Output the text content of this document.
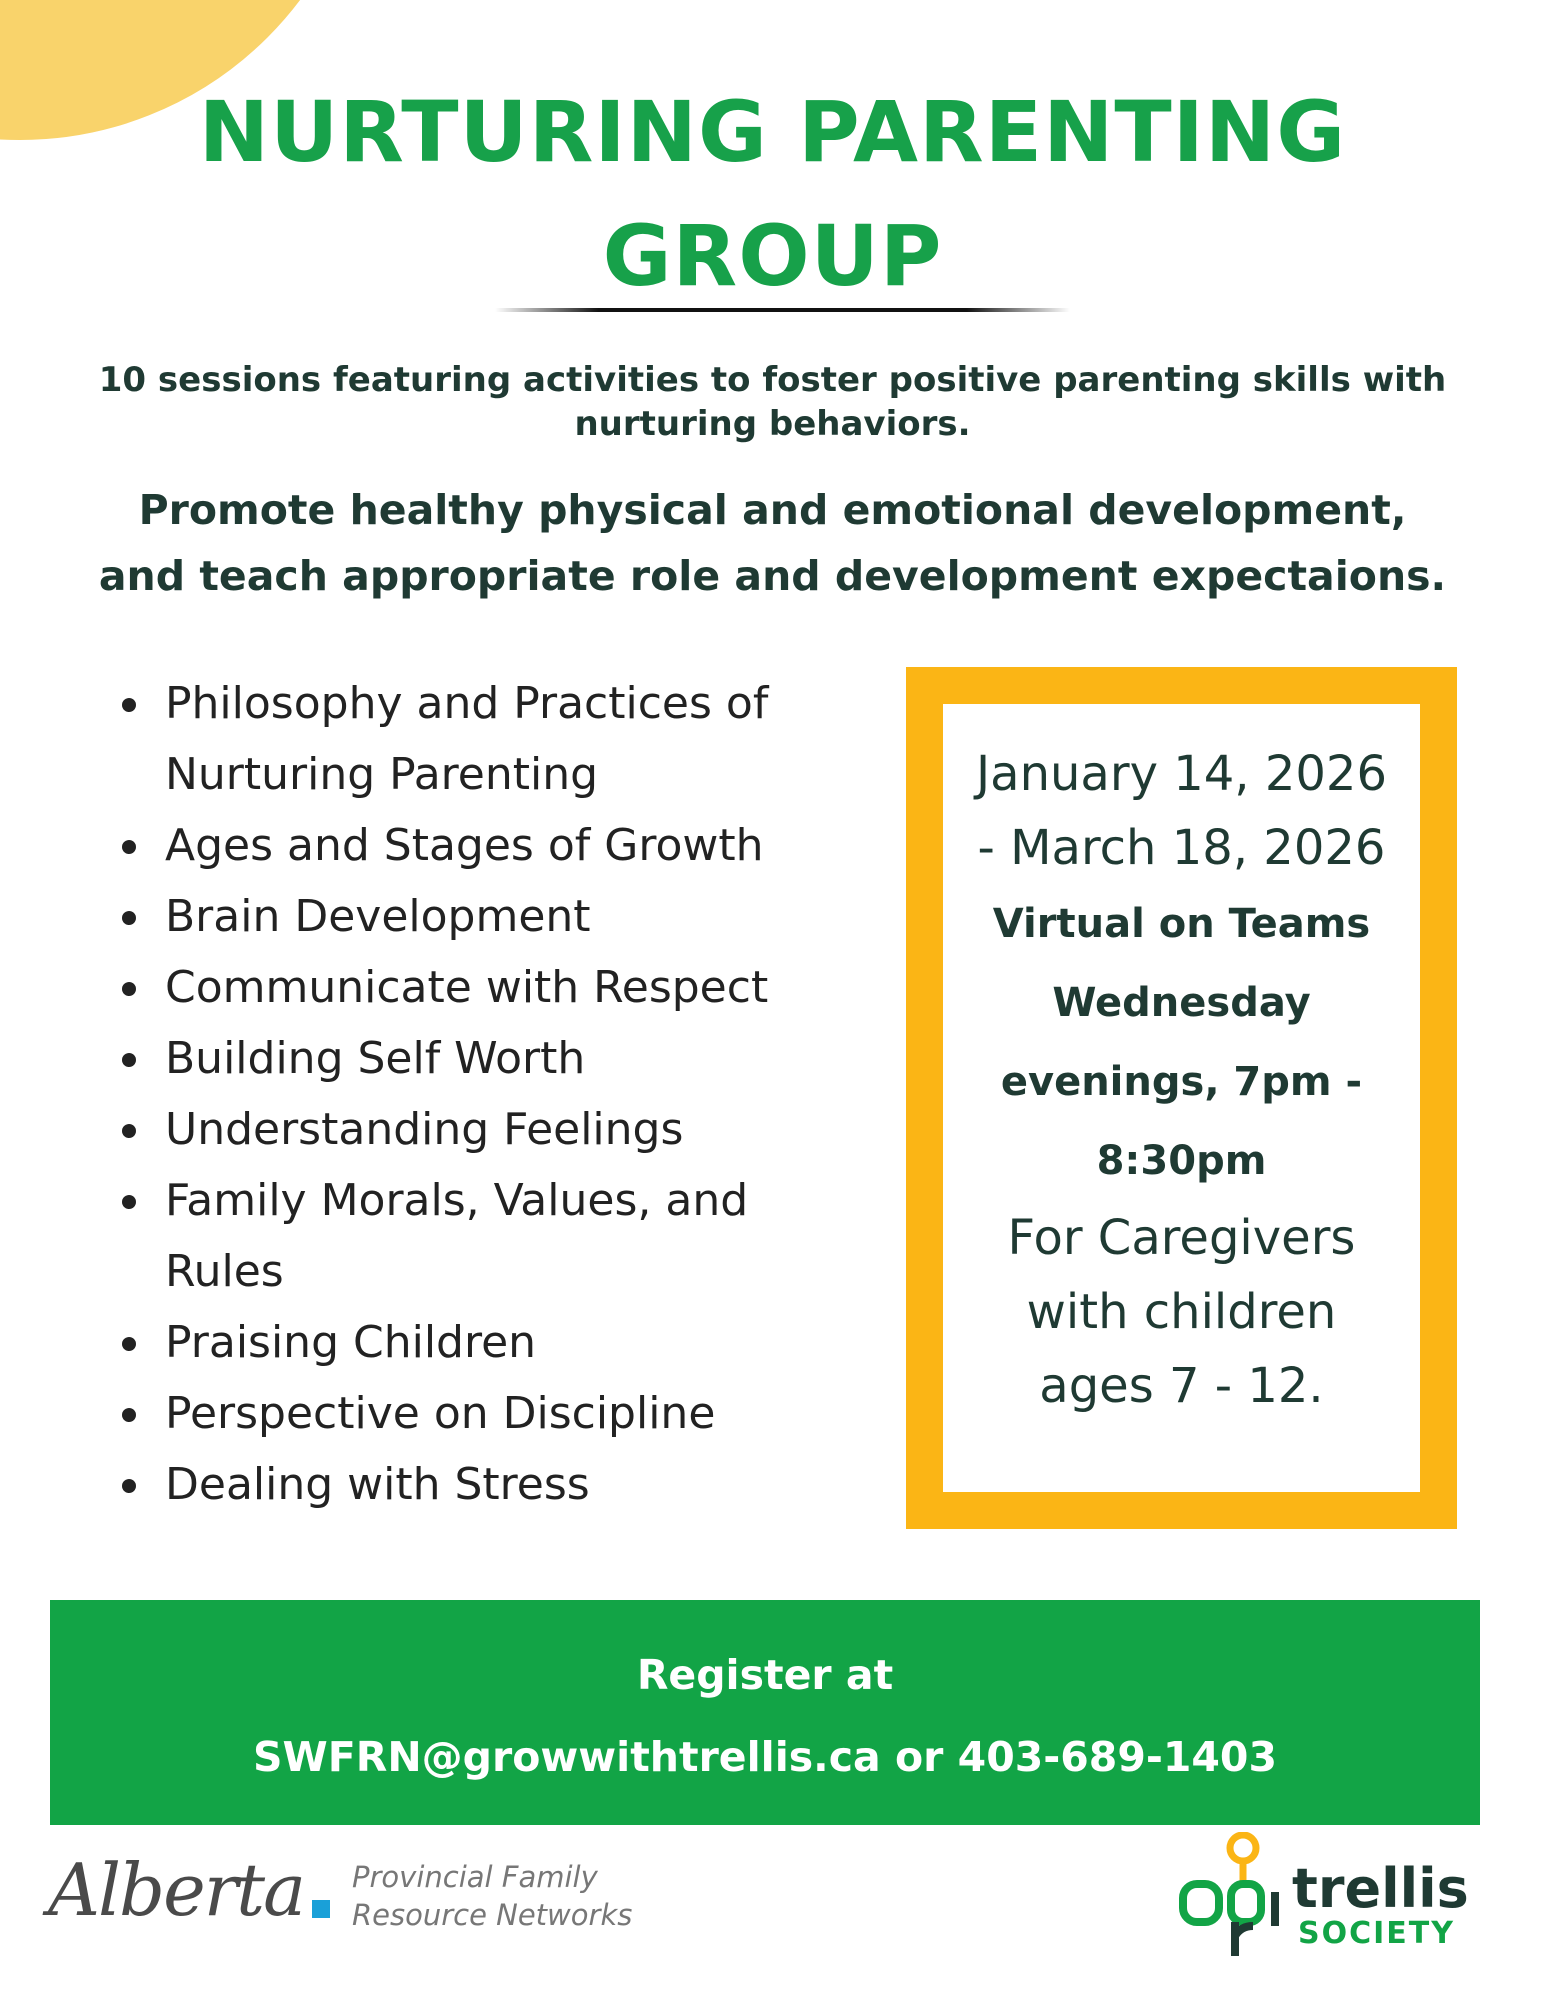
NURTURING PARENTING
GROUP
10 sessions featuring activities to foster positive parenting skills with
nurturing behaviors.
Promote healthy physical and emotional development,
and teach appropriate role and development expectaions.
Philosophy and Practices of
Nurturing Parenting
Ages and Stages of Growth
Brain Development
Communicate with Respect
Building Self Worth
Understanding Feelings
Family Morals, Values, and
Rules
Praising Children
Perspective on Discipline
Dealing with Stress
January 14, 2026
- March 18, 2026
Virtual on Teams
Wednesday
evenings, 7pm -
8:30pm
For Caregivers
with children
ages 7 - 12.
Register at
SWFRN@growwithtrellis.ca or 403-689-1403
Alberta Provincial Family
Resource Networks	trellis
SOCIETY
